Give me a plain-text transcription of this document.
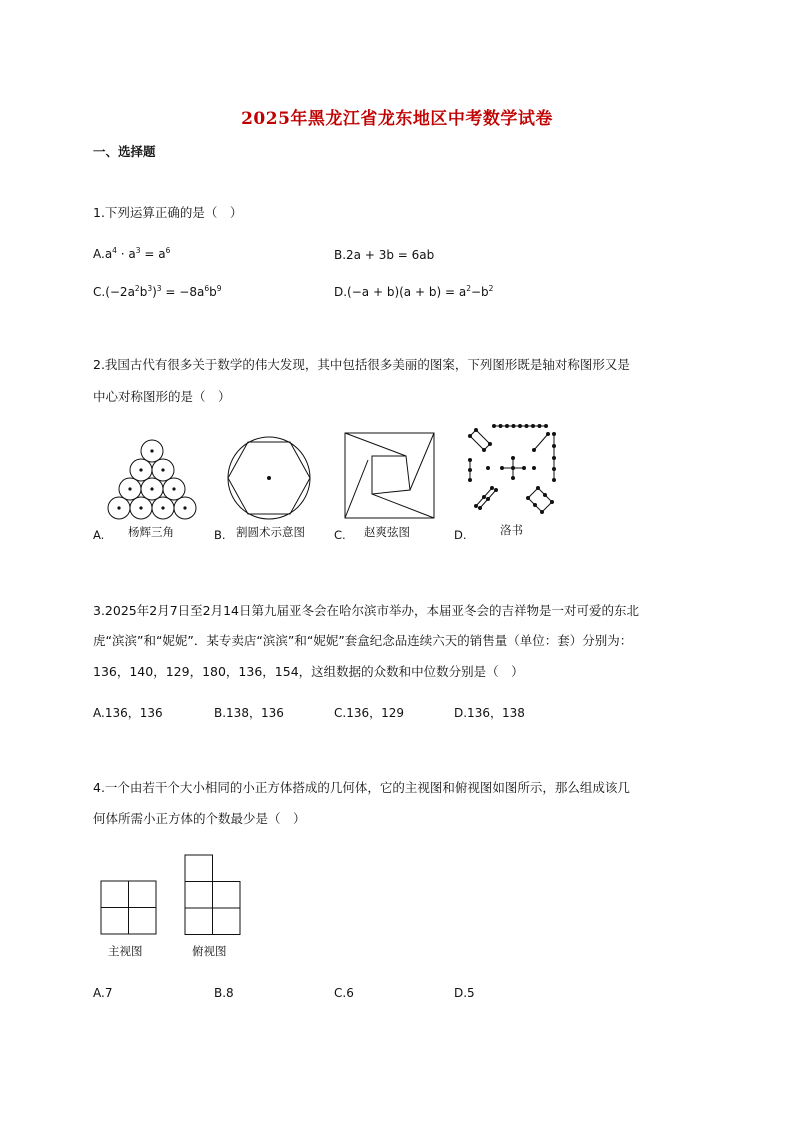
2025年黑龙江省龙东地区中考数学试卷
一、选择题
1.下列运算正确的是（　）
$A.a^4 \cdot a^3 = a^6$	B.2a + 3b = 6ab
$C.(-2a^2b^3)^3 = -8a^6b^9$	$D.(-a + b)(a + b) = a^2-b^2$
2.我国古代有很多关于数学的伟大发现，其中包括很多美丽的图案，下列图形既是轴对称图形又是
中心对称图形的是（　）
A. 杨辉三角	B. 割圆术示意图	C. 赵爽弦图	D.	洛书
3.2025年2月7日至2月14日第九届亚冬会在哈尔滨市举办，本届亚冬会的吉祥物是一对可爱的东北
虎“滨滨”和“妮妮”．某专卖店“滨滨”和“妮妮”套盒纪念品连续六天的销售量（单位：套）分别为：
136，140，129，180，136，154，这组数据的众数和中位数分别是（　）
A.136，136	B.138，136	C.136，129	D.136，138
4.一个由若干个大小相同的小正方体搭成的几何体，它的主视图和俯视图如图所示，那么组成该几
何体所需小正方体的个数最少是（　）
主视图	俯视图
A.7	B.8	C.6	D.5
